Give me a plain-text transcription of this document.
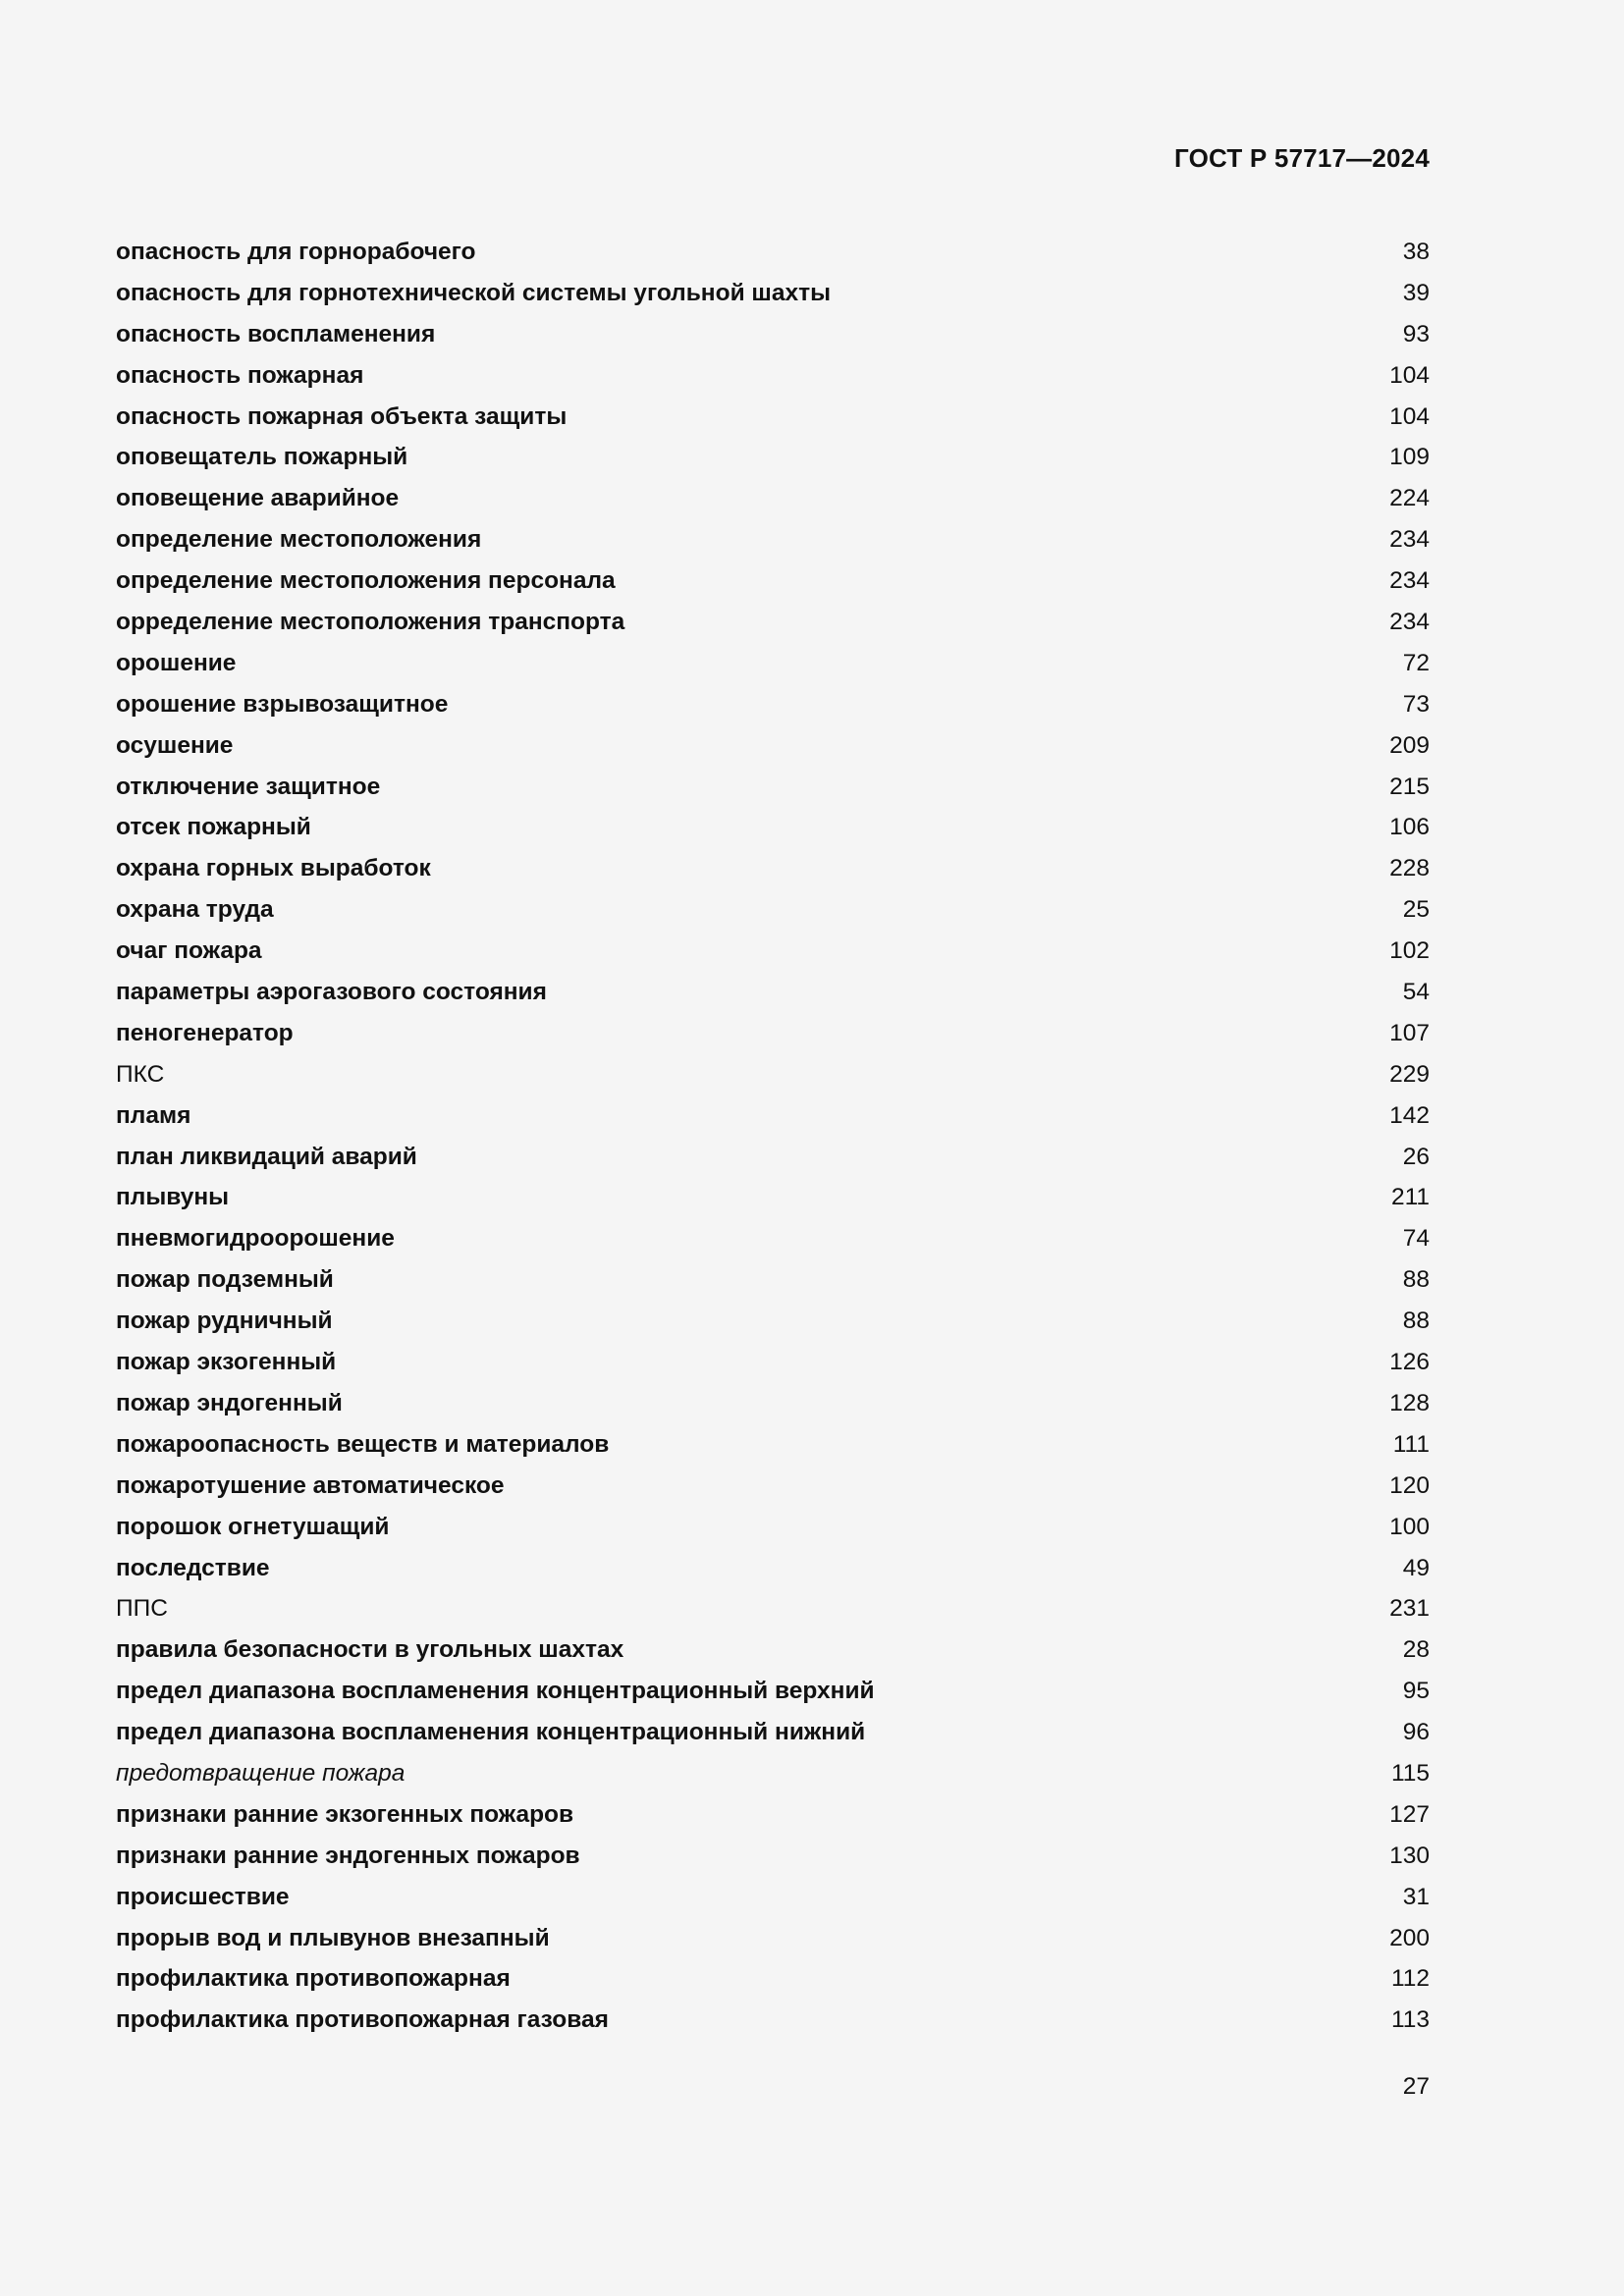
ГОСТ Р 57717—2024
опасность для горнорабочего	38
опасность для горнотехнической системы угольной шахты	39
опасность воспламенения	93
опасность пожарная	104
опасность пожарная объекта защиты	104
оповещатель пожарный	109
оповещение аварийное	224
определение местоположения	234
определение местоположения персонала	234
оpределение местоположения транспорта	234
орошение	72
орошение взрывозащитное	73
осушение	209
отключение защитное	215
отсек пожарный	106
охрана горных выработок	228
охрана труда	25
очаг пожара	102
параметры аэрогазового состояния	54
пеногенератор	107
ПКС	229
пламя	142
план ликвидаций аварий	26
плывуны	211
пневмогидроорошение	74
пожар подземный	88
пожар рудничный	88
пожар экзогенный	126
пожар эндогенный	128
пожароопасность веществ и материалов	111
пожаротушение автоматическое	120
порошок огнетушащий	100
последствие	49
ППС	231
правила безопасности в угольных шахтах	28
предел диапазона воспламенения концентрационный верхний	95
предел диапазона воспламенения концентрационный нижний	96
предотвращение пожара	115
признаки ранние экзогенных пожаров	127
признаки ранние эндогенных пожаров	130
происшествие	31
прорыв вод и плывунов внезапный	200
профилактика противопожарная	112
профилактика противопожарная газовая	113
27
